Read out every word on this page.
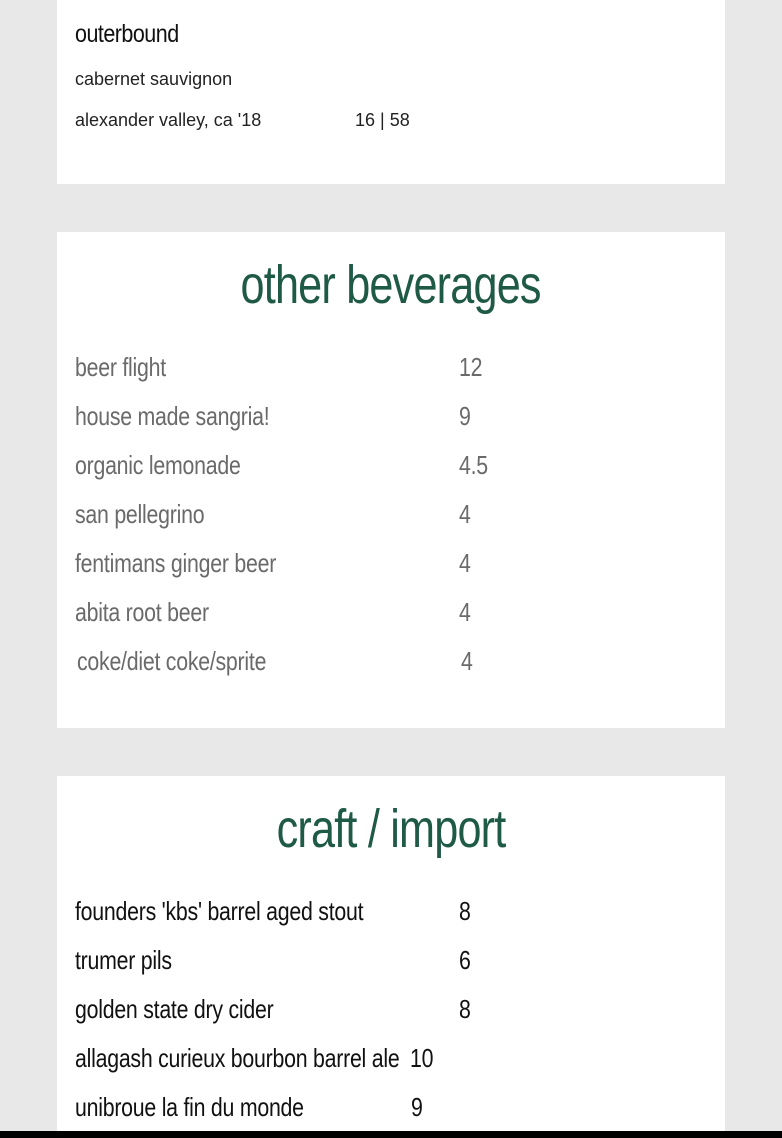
outerbound
cabernet sauvignon
alexander valley, ca '18	16 | 58
other beverages
beer flight	12
house made sangria!	9
organic lemonade	4.5
san pellegrino	4
fentimans ginger beer	4
abita root beer	4
coke/diet coke/sprite	4
craft / import
founders 'kbs' barrel aged stout	8
trumer pils	6
golden state dry cider	8
allagash curieux bourbon barrel ale 10
unibroue la fin du monde	9
